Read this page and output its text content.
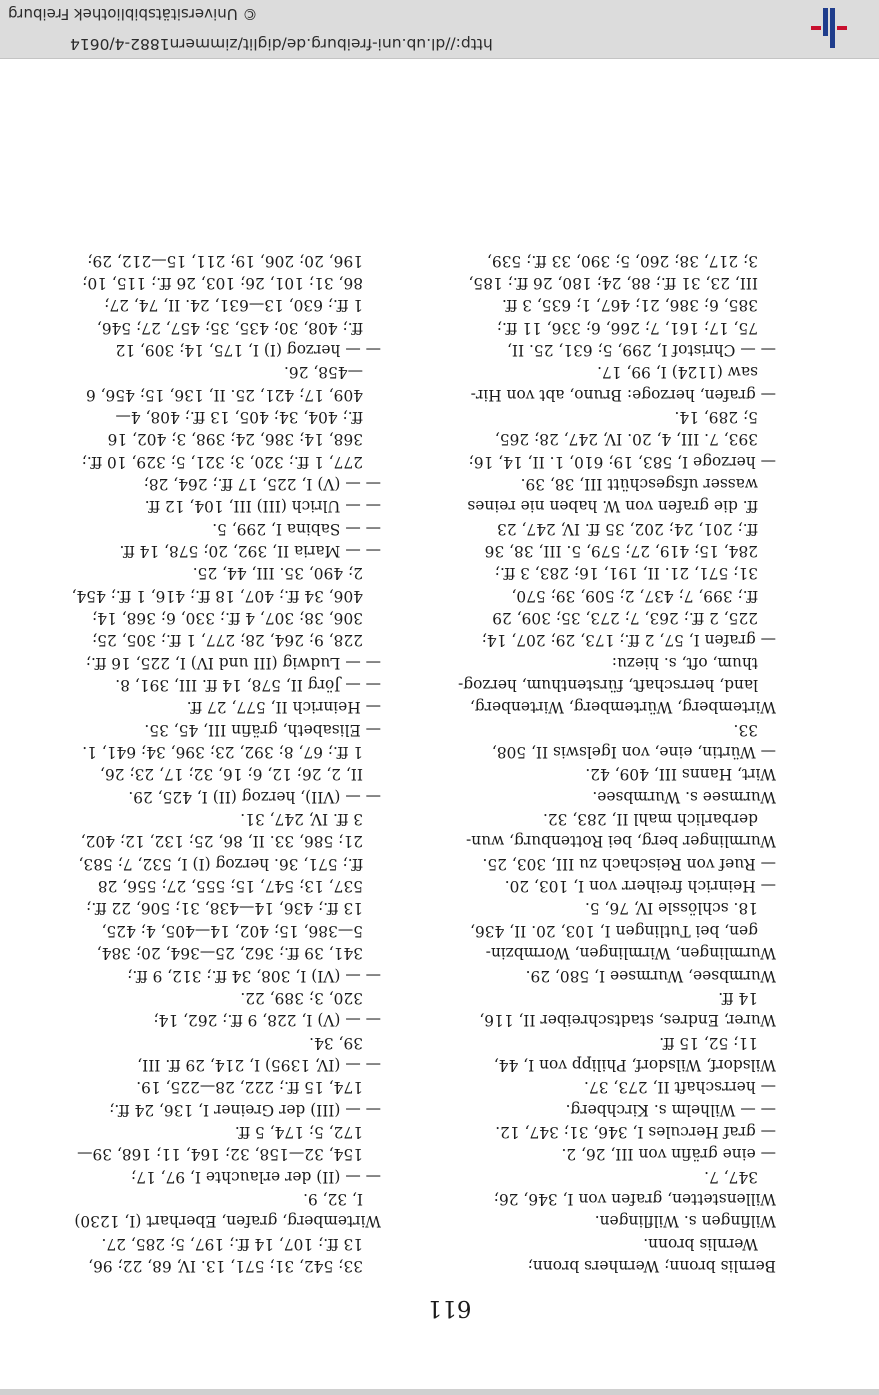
611
Bernlis bronn; Wernhers bronn;
Wernlis bronn.
Wilfingen s. Wilflingen.
Willenstetten, grafen von I, 346, 26;
347, 7.
— eine gräfin von III, 26, 2.
— graf Hercules I, 346, 31; 347, 12.
— — Wilhelm s. Kirchberg.
— herrschaft II, 273, 37.
Wilsdorf, Wilsdorf, Philipp von I, 44,
11; 52, 15 ff.
Wurer, Endres, stadtschreiber II, 116,
14 ff.
Wurmbsee, Wurmsee I, 580, 29.
Wurmlingen, Wirmlingen, Wormbzin-
gen, bei Tutlingen I, 103, 20. II, 436,
18. schlössle IV, 76, 5.
— Heinrich freiherr von I, 103, 20.
— Ruef von Reischach zu III, 303, 25.
Wurmlinger berg, bei Rottenburg, wun-
derbarlich mahl II, 283, 32.
Wurmsee s. Wurmbsee.
Wirt, Hanns III, 409, 42.
— Würtin, eine, von Igelswis II, 508,
33.
Wirtemberg, Würtemberg, Wirtenberg,
land, herrschaft, fürstenthum, herzog-
thum, oft, s. hiezu:
— grafen I, 57, 2 ff.; 173, 29; 207, 14;
225, 2 ff.; 263, 7; 273, 35; 309, 29
ff.; 399, 7; 437, 2; 509, 39; 570,
31; 571, 21. II, 191, 16; 283, 3 ff.;
284, 15; 419, 27; 579, 5. III, 38, 36
ff.; 201, 24; 202, 35 ff. IV, 247, 23
ff. die grafen von W. haben nie reines
wasser ufsgeschütt III, 38, 39.
— herzoge I, 583, 19; 610, 1. II, 14, 16;
393, 7. III, 4, 20. IV, 247, 28; 265,
5; 289, 14.
— grafen, herzoge: Bruno, abt von Hir-
saw (1124) I, 99, 17.
— — Christof I, 299, 5; 631, 25. II,
75, 17; 161, 7; 266, 6; 336, 11 ff.;
385, 6; 386, 21; 467, 1; 635, 3 ff.
III, 23, 31 ff.; 88, 24; 180, 26 ff.; 185,
3; 217, 38; 260, 5; 390, 33 ff.; 539,
33; 542, 31; 571, 13. IV, 68, 22; 96,
13 ff.; 107, 14 ff.; 197, 5; 285, 27.
Wirtemberg, grafen, Eberhart (I, 1230)
I, 32, 9.
— — (II) der erlauchte I, 97, 17;
154, 32—158, 32; 164, 11; 168, 39—
172, 5; 174, 5 ff.
— — (III) der Greiner I, 136, 24 ff.;
174, 15 ff.; 222, 28—225, 19.
— — (IV, 1395) I, 214, 29 ff. III,
39, 34.
— — (V) I, 228, 9 ff.; 262, 14;
320, 3; 389, 22.
— — (VI) I, 308, 34 ff.; 312, 9 ff.;
341, 39 ff.; 362, 25—364, 20; 384,
5—386, 15; 402, 14—405, 4; 425,
13 ff.; 436, 14—438, 31; 506, 22 ff.;
537, 13; 547, 15; 555, 27; 556, 28
ff.; 571, 36. herzog (I) I, 532, 7; 583,
21; 586, 33. II, 86, 25; 132, 12; 402,
3 ff. IV, 247, 31.
— — (VII), herzog (II) I, 425, 29.
II, 2, 26; 12, 6; 16, 32; 17, 23; 26,
1 ff.; 67, 8; 392, 23; 396, 34; 641, 1.
— Elisabeth, gräfin III, 45, 35.
— Heinrich II, 577, 27 ff.
— — Jörg II, 578, 14 ff. III, 391, 8.
— — Ludwig (III und IV) I, 225, 16 ff.;
228, 9; 264, 28; 277, 1 ff.; 305, 25;
306, 38; 307, 4 ff.; 330, 6; 368, 14;
406, 34 ff.; 407, 18 ff.; 416, 1 ff.; 454,
2; 490, 35. III, 44, 25.
— — Maria II, 392, 20; 578, 14 ff.
— — Sabina I, 299, 5.
— — Ulrich (III) III, 104, 12 ff.
— — (V) I, 225, 17 ff.; 264, 28;
277, 1 ff.; 320, 3; 321, 5; 329, 10 ff.;
368, 14; 386, 24; 398, 3; 402, 16
ff.; 404, 34; 405, 13 ff.; 408, 4—
409, 17; 421, 25. II, 136, 15; 456, 6
—458, 26.
— — herzog (I) I, 175, 14; 309, 12
ff.; 408, 30; 435, 35; 457, 27; 546,
1 ff.; 630, 13—631, 24. II, 74, 27;
86, 31; 101, 26; 103, 26 ff.; 115, 10;
196, 20; 206, 19; 211, 15—212, 29;
http://dl.ub.uni-freiburg.de/diglit/zimmern1882-4/0614
© Universitätsbibliothek Freiburg
